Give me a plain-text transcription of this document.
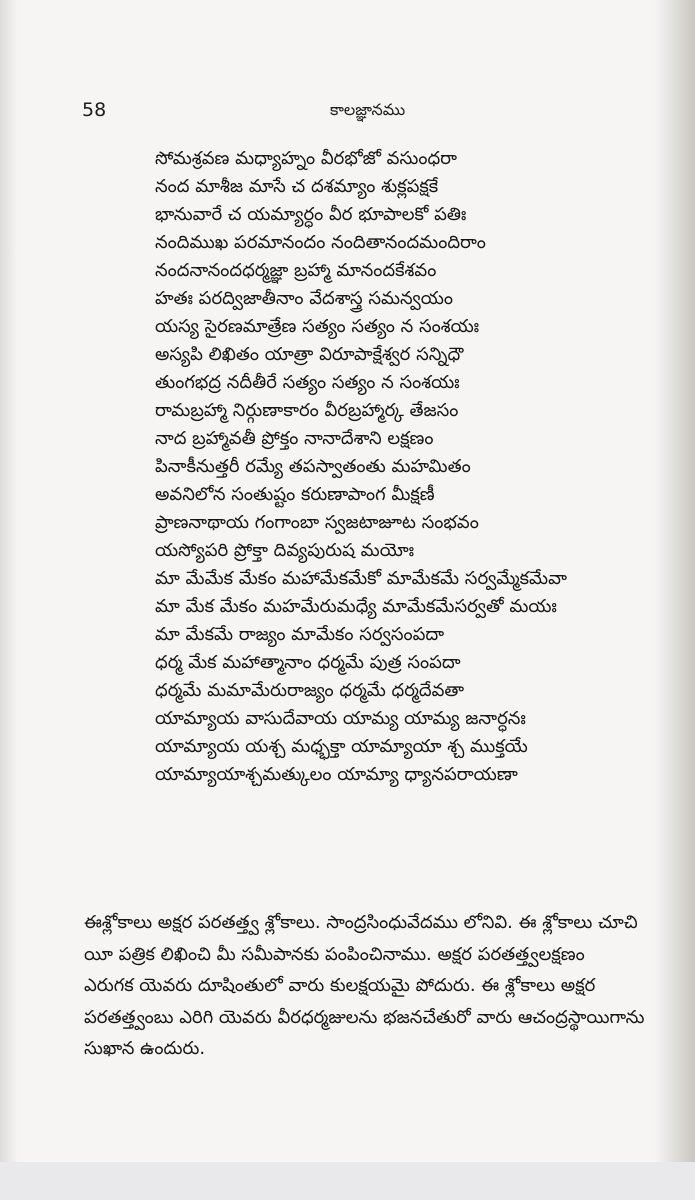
58	కాలజ్ఞానము
సోమశ్రవణ మధ్యాహ్నం వీరభోజో వసుంధరా
నంద మాశీజ మాసే చ దశమ్యాం శుక్లపక్షకే
భానువారే చ యమ్యార్ధం వీర భూపాలకో పతిః
నందిముఖ పరమానందం నందితానందమందిరాం
నందనానందధర్మజ్ఞా బ్రహ్మా మానందకేశవం
హతః పరద్విజాతీనాం వేదశాస్త్ర సమన్వయం
యస్య సైరణమాత్రేణ సత్యం సత్యం న సంశయః
అస్యపి లిఖితం యాత్రా విరూపాక్షేశ్వర సన్నిధౌ
తుంగభద్ర నదీతీరే సత్యం సత్యం న సంశయః
రామబ్రహ్మా నిర్గుణాకారం వీరబ్రహ్మార్క తేజసం
నాద బ్రహ్మావతీ ప్రోక్తం నానాదేశాని లక్షణం
పినాకీనుత్తరీ రమ్యే తపస్వాతంతు మహమితం
అవనిలోన సంతుష్టం కరుణాపాంగ మీక్షణీ
ప్రాణనాథాయ గంగాంబా స్వజటాజూట సంభవం
యస్యోపరి ప్రోక్తా దివ్యపురుష మయోః
మా మేమేక మేకం మహామేకమేకో మామేకమే సర్వమ్మేకమేవా
మా మేక మేకం మహమేరుమధ్యే మామేకమేసర్వతో మయః
మా మేకమే రాజ్యం మామేకం సర్వసంపదా
ధర్మ మేక మహాత్మానాం ధర్మమే పుత్ర సంపదా
ధర్మమే మమామేరురాజ్యం ధర్మమే ధర్మదేవతా
యామ్యాయ వాసుదేవాయ యామ్య యామ్య జనార్ధనః
యామ్యాయ యశ్చ మధ్భక్తా యామ్యాయా శ్చ ముక్తయే
యామ్యాయాశ్చమత్కులం యామ్యా ధ్యానపరాయణా
ఈశ్లోకాలు అక్షర పరతత్త్వ శ్లోకాలు. సాంద్రసింధువేదము లోనివి. ఈ శ్లోకాలు చూచి
యీ పత్రిక లిఖించి మీ సమీపానకు పంపించినాము. అక్షర పరతత్త్వలక్షణం
ఎరుగక యెవరు దూషింతులో వారు కులక్షయమై పోదురు. ఈ శ్లోకాలు అక్షర
పరతత్త్వంబు ఎరిగి యెవరు వీరధర్మజులను భజనచేతురో వారు ఆచంద్రస్థాయిగాను
సుఖాన ఉందురు.
